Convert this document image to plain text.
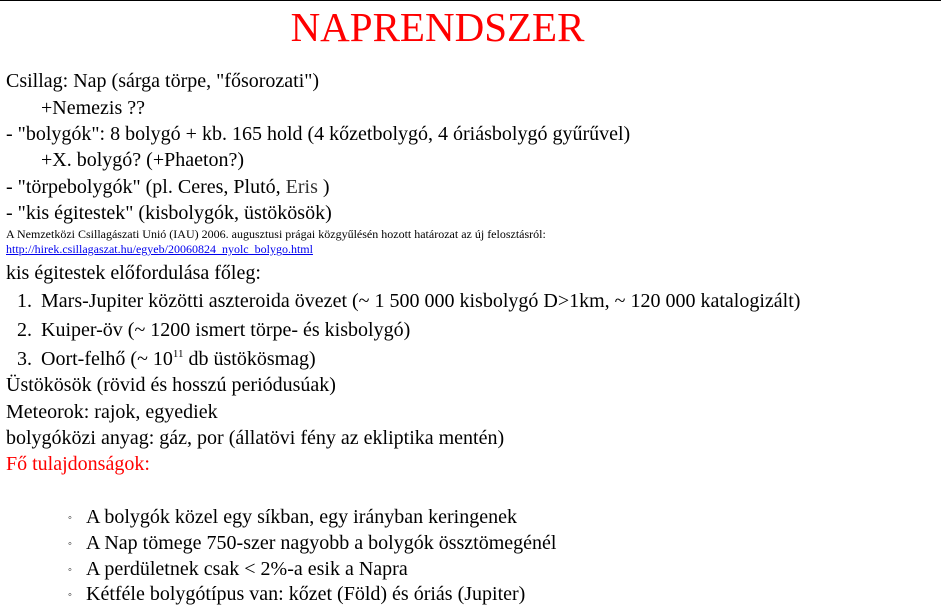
NAPRENDSZER
Csillag: Nap (sárga törpe, "fősorozati")
+Nemezis ??
- "bolygók": 8 bolygó + kb. 165 hold (4 kőzetbolygó, 4 óriásbolygó gyűrűvel)
+X. bolygó? (+Phaeton?)
- "törpebolygók" (pl. Ceres, Plutó, Eris )
- "kis égitestek" (kisbolygók, üstökösök)
A Nemzetközi Csillagászati Unió (IAU) 2006. augusztusi prágai közgyűlésén hozott határozat az új felosztásról:
http://hirek.csillagaszat.hu/egyeb/20060824_nyolc_bolygo.html
kis égitestek előfordulása főleg:
1. Mars-Jupiter közötti aszteroida övezet (~ 1 500 000 kisbolygó D>1km, ~ 120 000 katalogizált)
2. Kuiper-öv (~ 1200 ismert törpe- és kisbolygó)
3. Oort-felhő (~ $10^{11}$ db üstökösmag)
Üstökösök (rövid és hosszú periódusúak)
Meteorok: rajok, egyediek
bolygóközi anyag: gáz, por (állatövi fény az ekliptika mentén)
Fő tulajdonságok:
◦ A bolygók közel egy síkban, egy irányban keringenek
◦ A Nap tömege 750-szer nagyobb a bolygók össztömegénél
◦ A perdületnek csak < 2%-a esik a Napra
◦ Kétféle bolygótípus van: kőzet (Föld) és óriás (Jupiter)
